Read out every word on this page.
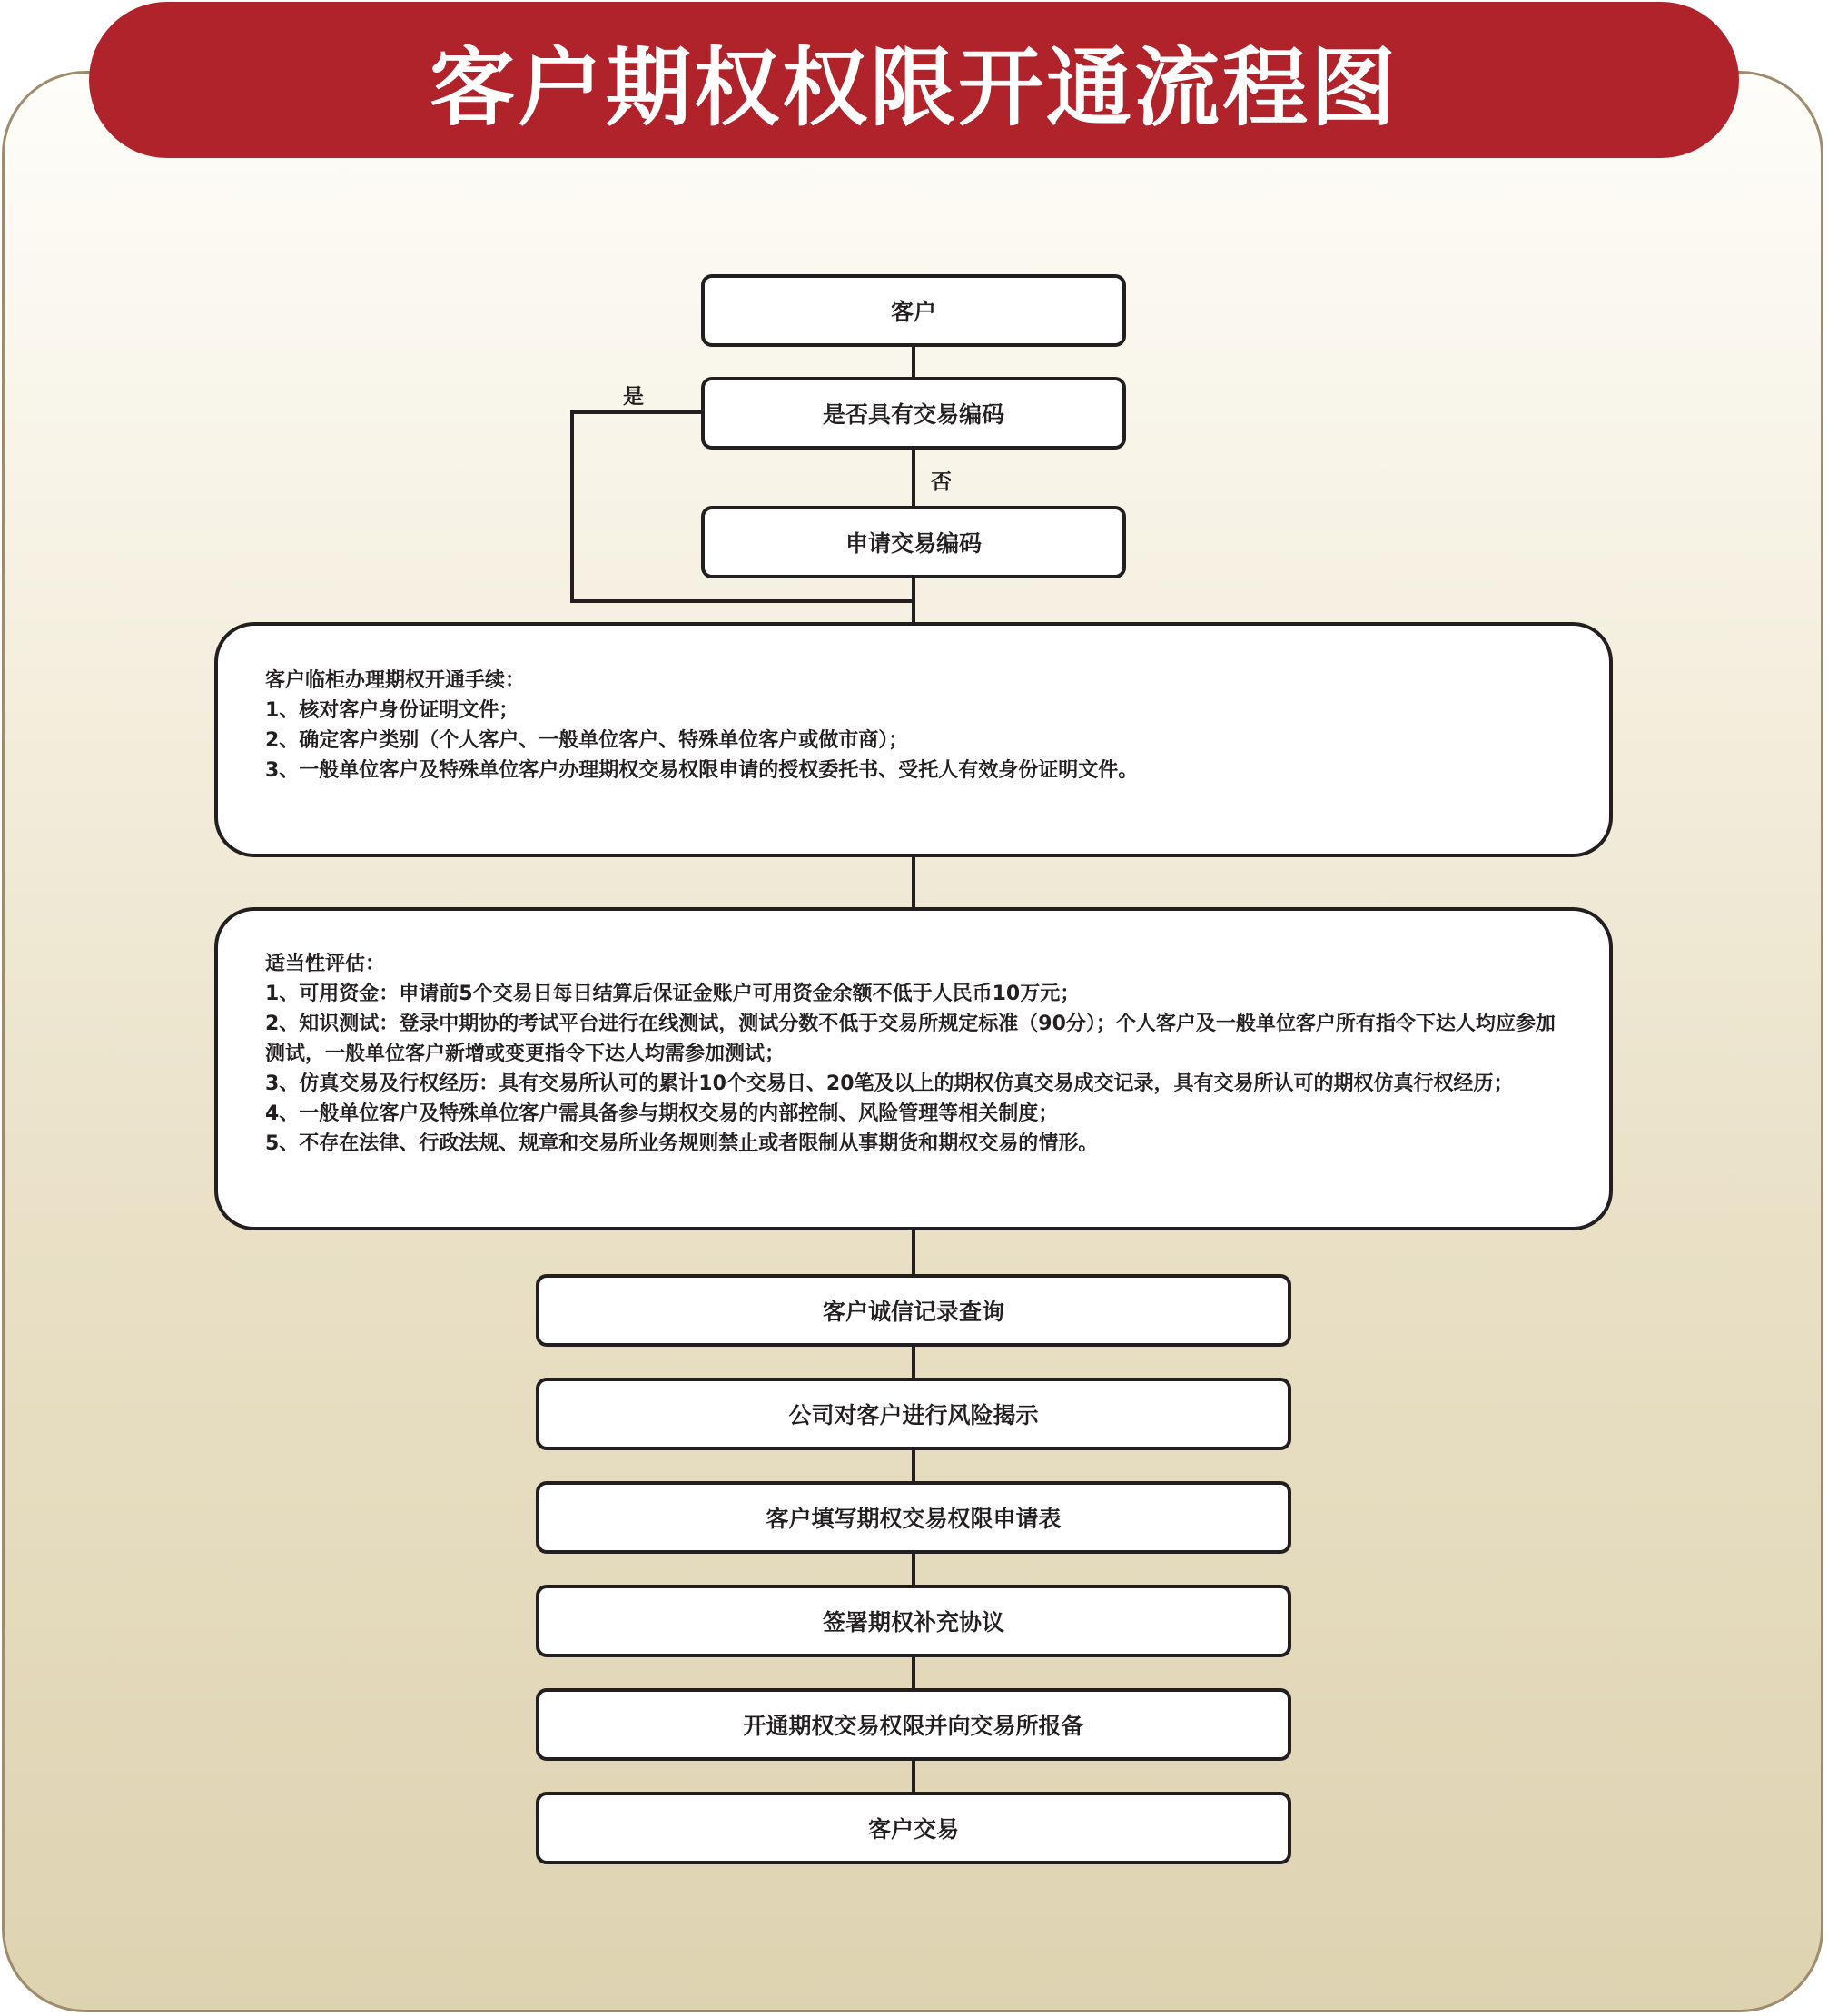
客户期权权限开通流程图
是
否
客户
是否具有交易编码
申请交易编码
客户临柜办理期权开通手续：
1、核对客户身份证明文件；
2、确定客户类别（个人客户、一般单位客户、特殊单位客户或做市商）；
3、一般单位客户及特殊单位客户办理期权交易权限申请的授权委托书、受托人有效身份证明文件。
适当性评估：
1、可用资金：申请前5个交易日每日结算后保证金账户可用资金余额不低于人民币10万元；
2、知识测试：登录中期协的考试平台进行在线测试，测试分数不低于交易所规定标准（90分）；个人客户及一般单位客户所有指令下达人均应参加测试，一般单位客户新增或变更指令下达人均需参加测试；
3、仿真交易及行权经历：具有交易所认可的累计10个交易日、20笔及以上的期权仿真交易成交记录，具有交易所认可的期权仿真行权经历；
4、一般单位客户及特殊单位客户需具备参与期权交易的内部控制、风险管理等相关制度；
5、不存在法律、行政法规、规章和交易所业务规则禁止或者限制从事期货和期权交易的情形。
客户诚信记录查询
公司对客户进行风险揭示
客户填写期权交易权限申请表
签署期权补充协议
开通期权交易权限并向交易所报备
客户交易
